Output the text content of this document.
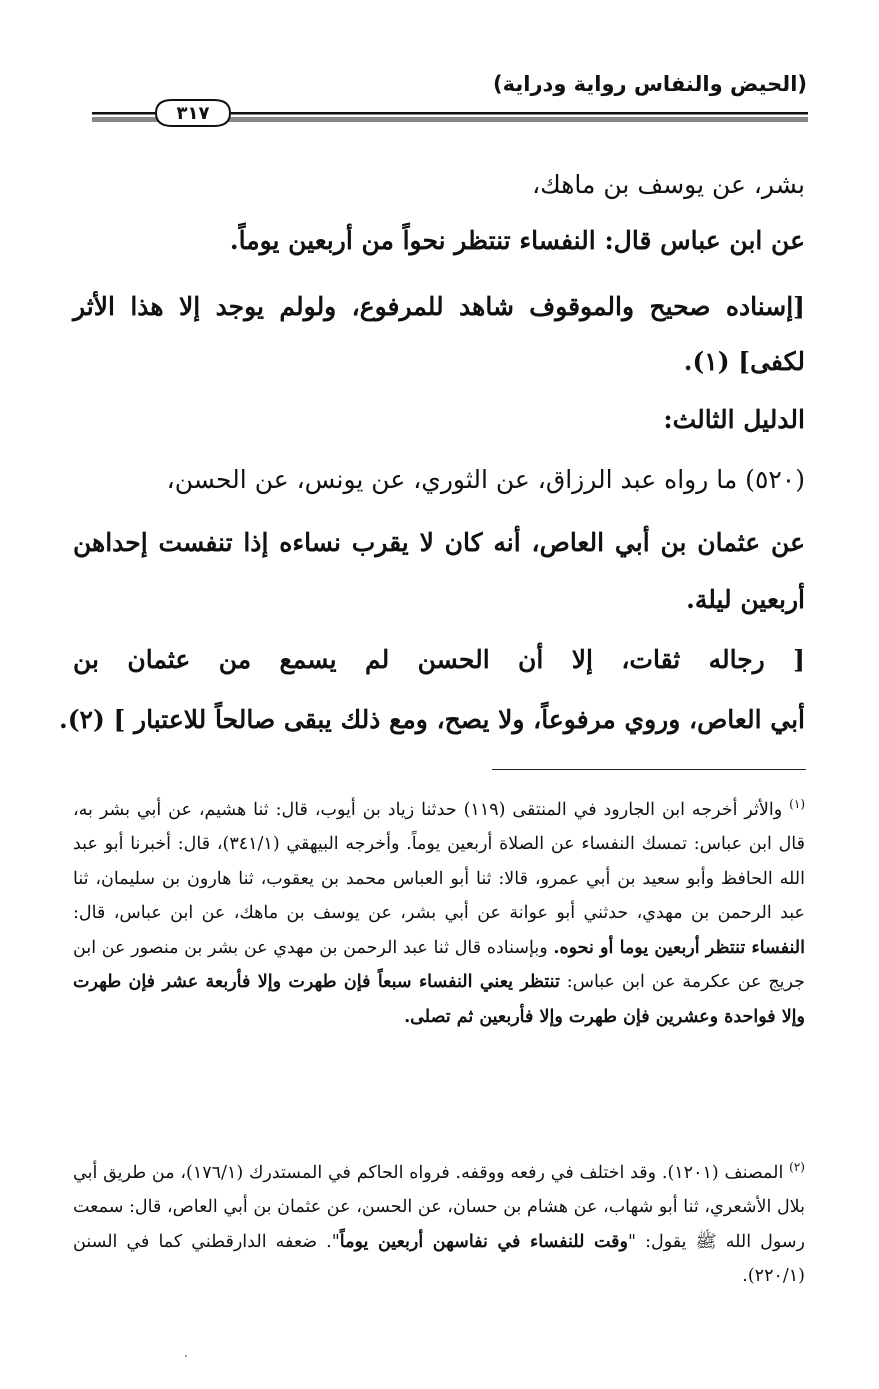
(الحيض والنفاس رواية ودراية)
٣١٧
بشر، عن يوسف بن ماهك،
عن ابن عباس قال: النفساء تنتظر نحواً من أربعين يوماً.
[إسناده صحيح والموقوف شاهد للمرفوع، ولولم يوجد إلا هذا الأثر
لكفى] (١).
الدليل الثالث:
(٥٢٠) ما رواه عبد الرزاق، عن الثوري، عن يونس، عن الحسن،
عن عثمان بن أبي العاص، أنه كان لا يقرب نساءه إذا تنفست إحداهن
أربعين ليلة.
[ رجاله ثقات، إلا أن الحسن لم يسمع من عثمان بن
أبي العاص، وروي مرفوعاً، ولا يصح، ومع ذلك يبقى صالحاً للاعتبار ] (٢).
$^{(١)}$ والأثر أخرجه ابن الجارود في المنتقى (١١٩) حدثنا زياد بن أيوب، قال: ثنا هشيم، عن أبي بشر به، قال ابن عباس: تمسك النفساء عن الصلاة أربعين يوماً. وأخرجه البيهقي (٣٤١/١)، قال: أخبرنا أبو عبد الله الحافظ وأبو سعيد بن أبي عمرو، قالا: ثنا أبو العباس محمد بن يعقوب، ثنا هارون بن سليمان، ثنا عبد الرحمن بن مهدي، حدثني أبو عوانة عن أبي بشر، عن يوسف بن ماهك، عن ابن عباس، قال: النفساء تنتظر أربعين يوما أو نحوه. وبإسناده قال ثنا عبد الرحمن بن مهدي عن بشر بن منصور عن ابن جريج عن عكرمة عن ابن عباس: تنتظر يعني النفساء سبعاً فإن طهرت وإلا فأربعة عشر فإن طهرت وإلا فواحدة وعشرين فإن طهرت وإلا فأربعين ثم تصلى.
$^{(٢)}$ المصنف (١٢٠١). وقد اختلف في رفعه ووقفه. فرواه الحاكم في المستدرك (١٧٦/١)، من طريق أبي بلال الأشعري، ثنا أبو شهاب، عن هشام بن حسان، عن الحسن، عن عثمان بن أبي العاص، قال: سمعت رسول الله ﷺ يقول: "وقت للنفساء في نفاسهن أربعين يوماً". ضعفه الدارقطني كما في السنن (٢٢٠/١).
